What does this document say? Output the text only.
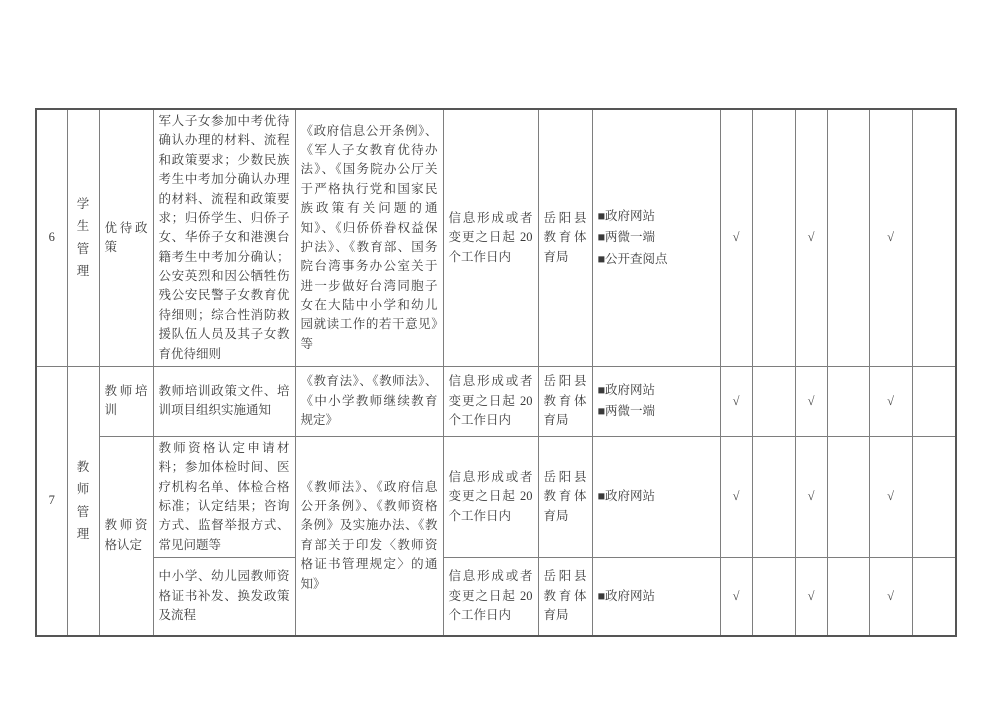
6	学生管理	优待政策	军人子女参加中考优待确认办理的材料、流程和政策要求；少数民族考生中考加分确认办理的材料、流程和政策要求；归侨学生、归侨子女、华侨子女和港澳台籍考生中考加分确认；公安英烈和因公牺牲伤残公安民警子女教育优待细则；综合性消防救援队伍人员及其子女教育优待细则	《政府信息公开条例》、《军人子女教育优待办法》、《国务院办公厅关于严格执行党和国家民族政策有关问题的通知》、《归侨侨眷权益保护法》、《教育部、国务院台湾事务办公室关于进一步做好台湾同胞子女在大陆中小学和幼儿园就读工作的若干意见》等	信息形成或者变更之日起 20 个工作日内	岳阳县教育体育局	■政府网站
■两微一端
■公开查阅点	√		√		√	
7	教师管理	教师培训	教师培训政策文件、培训项目组织实施通知	《教育法》、《教师法》、《中小学教师继续教育规定》	信息形成或者变更之日起 20 个工作日内	岳阳县教育体育局	■政府网站
■两微一端	√		√		√	
		教师资格认定	教师资格认定申请材料；参加体检时间、医疗机构名单、体检合格标准；认定结果；咨询方式、监督举报方式、常见问题等	《教师法》、《政府信息公开条例》、《教师资格条例》及实施办法、《教育部关于印发〈教师资格证书管理规定〉的通知》	信息形成或者变更之日起 20 个工作日内	岳阳县教育体育局	■政府网站	√		√		√	
			中小学、幼儿园教师资格证书补发、换发政策及流程		信息形成或者变更之日起 20 个工作日内	岳阳县教育体育局	■政府网站	√		√		√	
